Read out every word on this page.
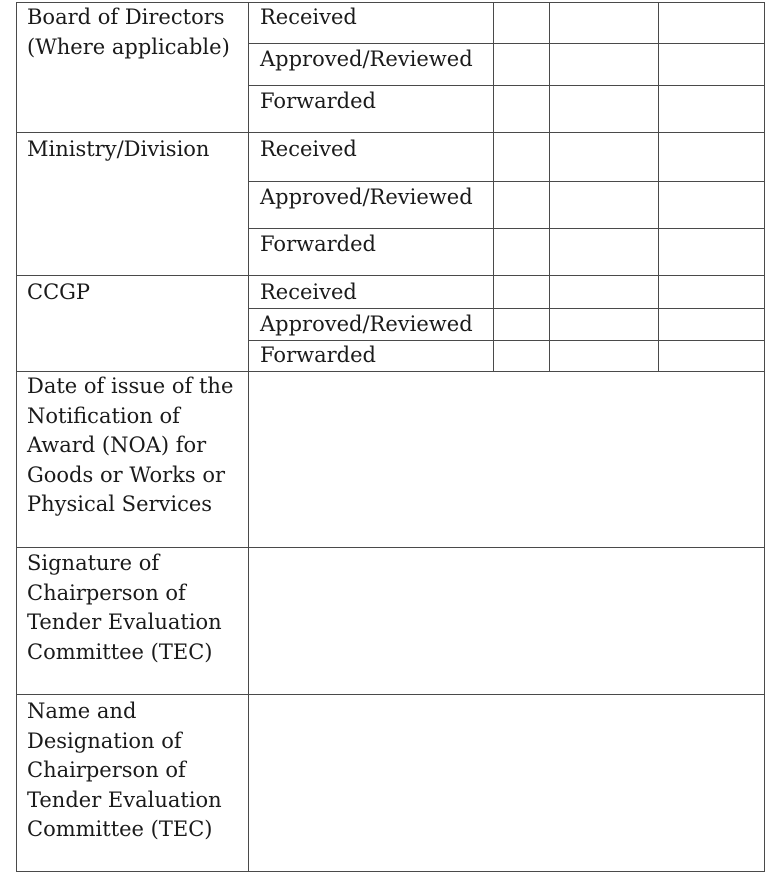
Board of Directors
(Where applicable)
Received
Approved/Reviewed
Forwarded
Ministry/Division Received
Approved/Reviewed
Forwarded
CCGP	Received
Approved/Reviewed
Forwarded
Date of issue of the
Notification of
Award (NOA) for
Goods or Works or
Physical Services
Signature of
Chairperson of
Tender Evaluation
Committee (TEC)
Name and
Designation of
Chairperson of
Tender Evaluation
Committee (TEC)
